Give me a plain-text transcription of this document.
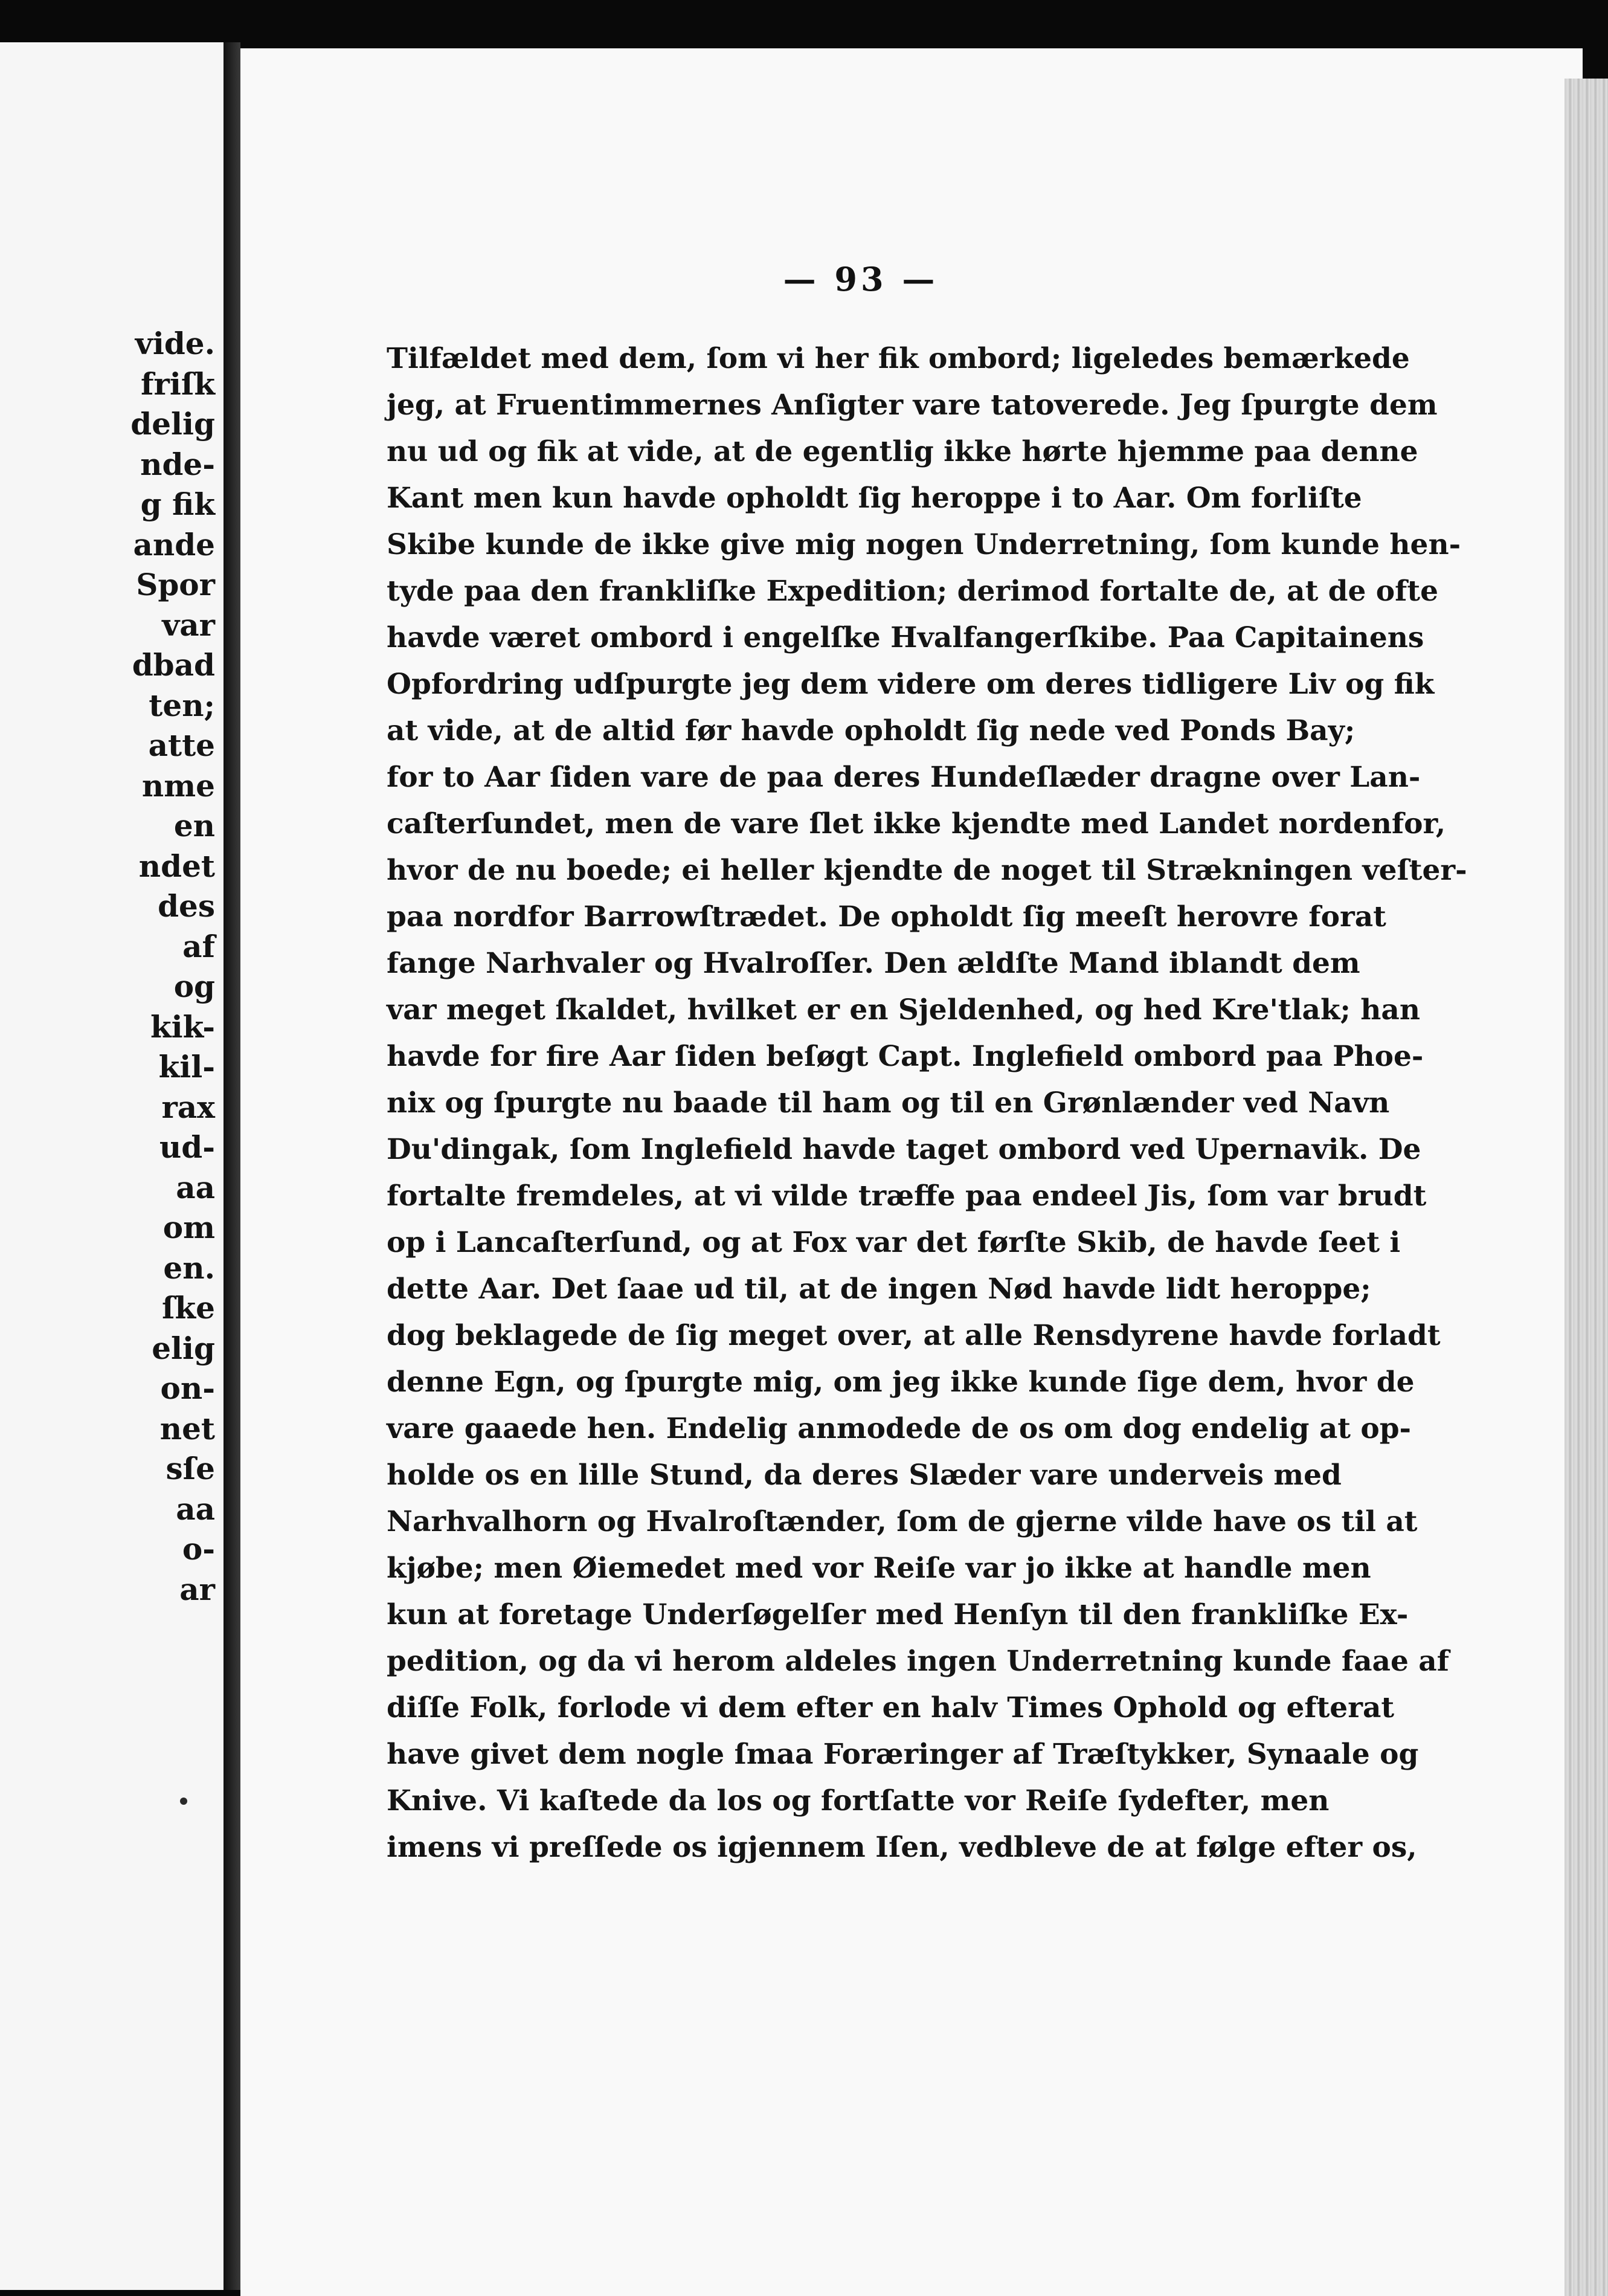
vide.
friſk
delig
nde-
g fik
ande
Spor
var
dbad
ten;
atte
nme
en
ndet
des
af
og
kik-
kil-
rax
ud-
aa
om
en.
ſke
elig
on-
net
sſe
aa
o-
ar
— 93 —
Tilfældet med dem, ſom vi her fik ombord; ligeledes bemærkede
jeg, at Fruentimmernes Anſigter vare tatoverede. Jeg ſpurgte dem
nu ud og fik at vide, at de egentlig ikke hørte hjemme paa denne
Kant men kun havde opholdt ſig heroppe i to Aar. Om forliſte
Skibe kunde de ikke give mig nogen Underretning, ſom kunde hen-
tyde paa den frankliſke Expedition; derimod fortalte de, at de ofte
havde været ombord i engelſke Hvalfangerſkibe. Paa Capitainens
Opfordring udſpurgte jeg dem videre om deres tidligere Liv og fik
at vide, at de altid før havde opholdt ſig nede ved Ponds Bay;
for to Aar ſiden vare de paa deres Hundeſlæder dragne over Lan-
caſterſundet, men de vare ſlet ikke kjendte med Landet nordenfor,
hvor de nu boede; ei heller kjendte de noget til Strækningen veſter-
paa nordfor Barrowſtrædet. De opholdt ſig meeſt herovre forat
fange Narhvaler og Hvalroſſer. Den ældſte Mand iblandt dem
var meget ſkaldet, hvilket er en Sjeldenhed, og hed Kre'tlak; han
havde for fire Aar ſiden beſøgt Capt. Inglefield ombord paa Phoe-
nix og ſpurgte nu baade til ham og til en Grønlænder ved Navn
Du'dingak, ſom Inglefield havde taget ombord ved Upernavik. De
fortalte fremdeles, at vi vilde træffe paa endeel Jis, ſom var brudt
op i Lancaſterſund, og at Fox var det førſte Skib, de havde ſeet i
dette Aar. Det ſaae ud til, at de ingen Nød havde lidt heroppe;
dog beklagede de ſig meget over, at alle Rensdyrene havde forladt
denne Egn, og ſpurgte mig, om jeg ikke kunde ſige dem, hvor de
vare gaaede hen. Endelig anmodede de os om dog endelig at op-
holde os en lille Stund, da deres Slæder vare underveis med
Narhvalhorn og Hvalroſtænder, ſom de gjerne vilde have os til at
kjøbe; men Øiemedet med vor Reiſe var jo ikke at handle men
kun at foretage Underſøgelſer med Henſyn til den frankliſke Ex-
pedition, og da vi herom aldeles ingen Underretning kunde faae af
diſſe Folk, forlode vi dem efter en halv Times Ophold og efterat
have givet dem nogle ſmaa Foræringer af Træſtykker, Synaale og
Knive. Vi kaſtede da los og fortſatte vor Reiſe ſydefter, men
imens vi preſſede os igjennem Iſen, vedbleve de at følge efter os,
